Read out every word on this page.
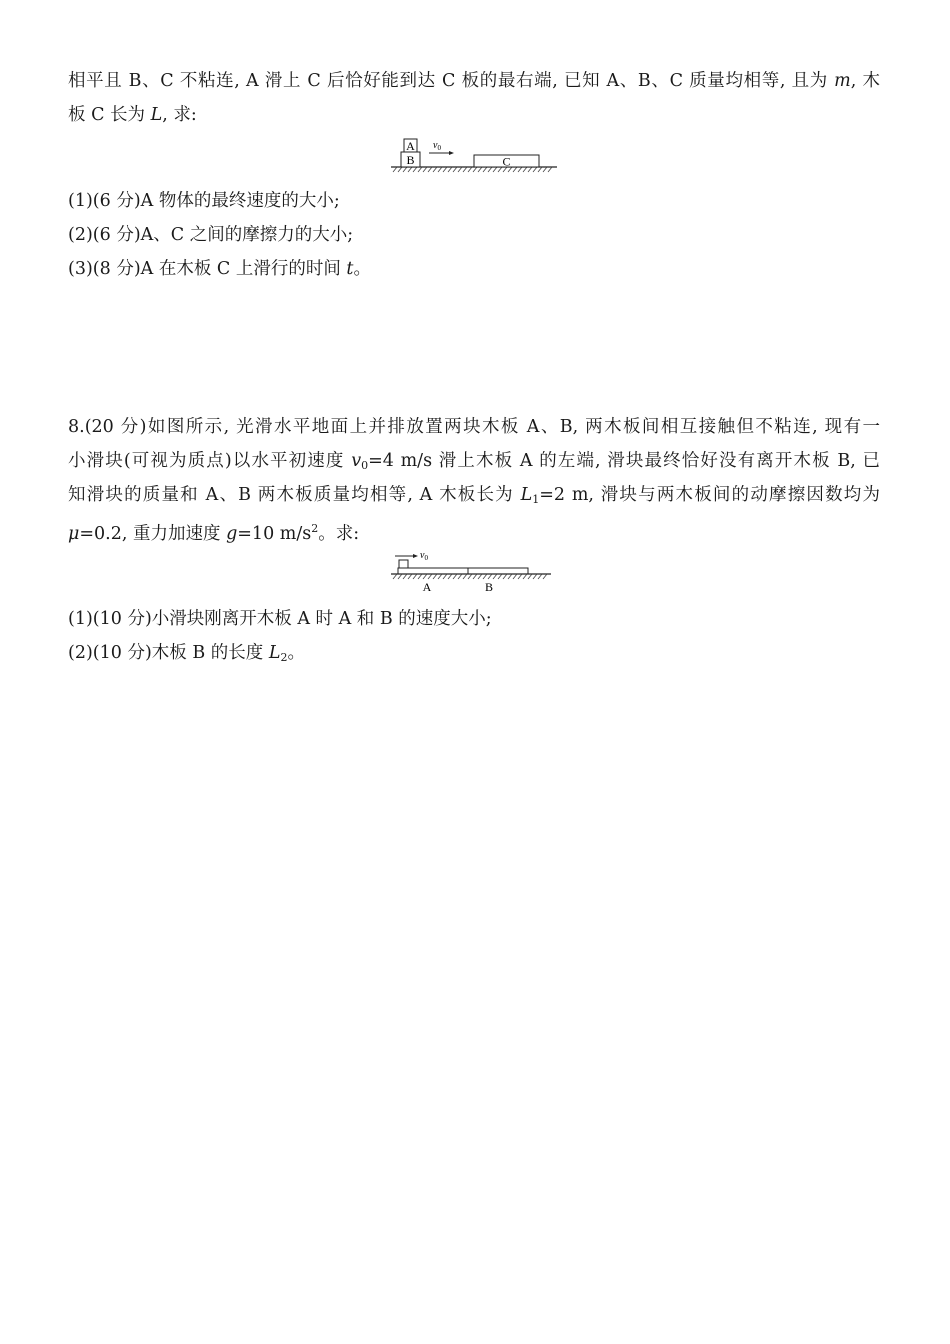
相平且 B、C 不粘连, A 滑上 C 后恰好能到达 C 板的最右端, 已知 A、B、C 质量均相等, 且为 m, 木
板 C 长为 L, 求:
B
A $v_0$
C
(1)(6 分)A 物体的最终速度的大小;
(2)(6 分)A、C 之间的摩擦力的大小;
(3)(8 分)A 在木板 C 上滑行的时间 t。
8.(20 分)如图所示, 光滑水平地面上并排放置两块木板 A、B, 两木板间相互接触但不粘连, 现有一
小滑块(可视为质点)以水平初速度 $v_0=4$ m/s 滑上木板 A 的左端, 滑块最终恰好没有离开木板 B, 已
知滑块的质量和 A、B 两木板质量均相等, A 木板长为 $L_1=2$ m, 滑块与两木板间的动摩擦因数均为
μ=0.2, 重力加速度 g=10 $m/s^2$。求:
$v_0$
A	B
(1)(10 分)小滑块刚离开木板 A 时 A 和 B 的速度大小;
(2)(10 分)木板 B 的长度 $L_2$。
